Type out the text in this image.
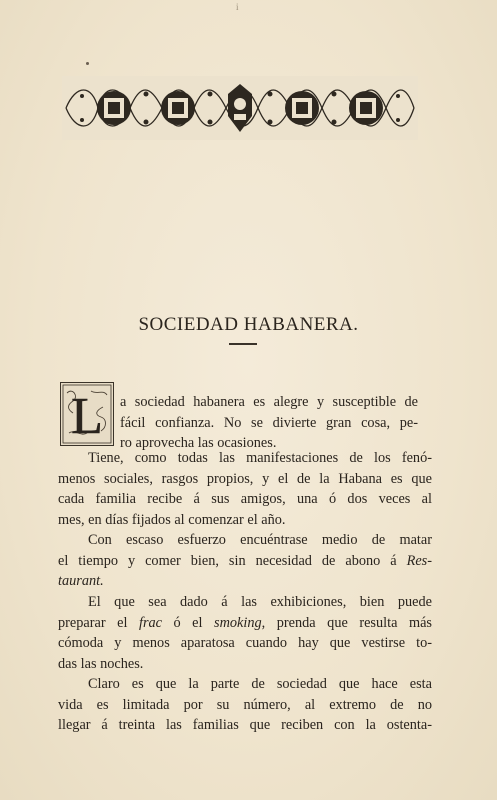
i
SOCIEDAD HABANERA.
L a sociedad habanera es alegre y susceptible de
fácil confianza. No se divierte gran cosa, pe-
ro aprovecha las ocasiones.
Tiene, como todas las manifestaciones de los fenó-
menos sociales, rasgos propios, y el de la Habana es que
cada familia recibe á sus amigos, una ó dos veces al
mes, en días fijados al comenzar el año.
Con escaso esfuerzo encuéntrase medio de matar
el tiempo y comer bien, sin necesidad de abono á Res-
taurant.
El que sea dado á las exhibiciones, bien puede
preparar el frac ó el smoking, prenda que resulta más
cómoda y menos aparatosa cuando hay que vestirse to-
das las noches.
Claro es que la parte de sociedad que hace esta
vida es limitada por su número, al extremo de no
llegar á treinta las familias que reciben con la ostenta-
